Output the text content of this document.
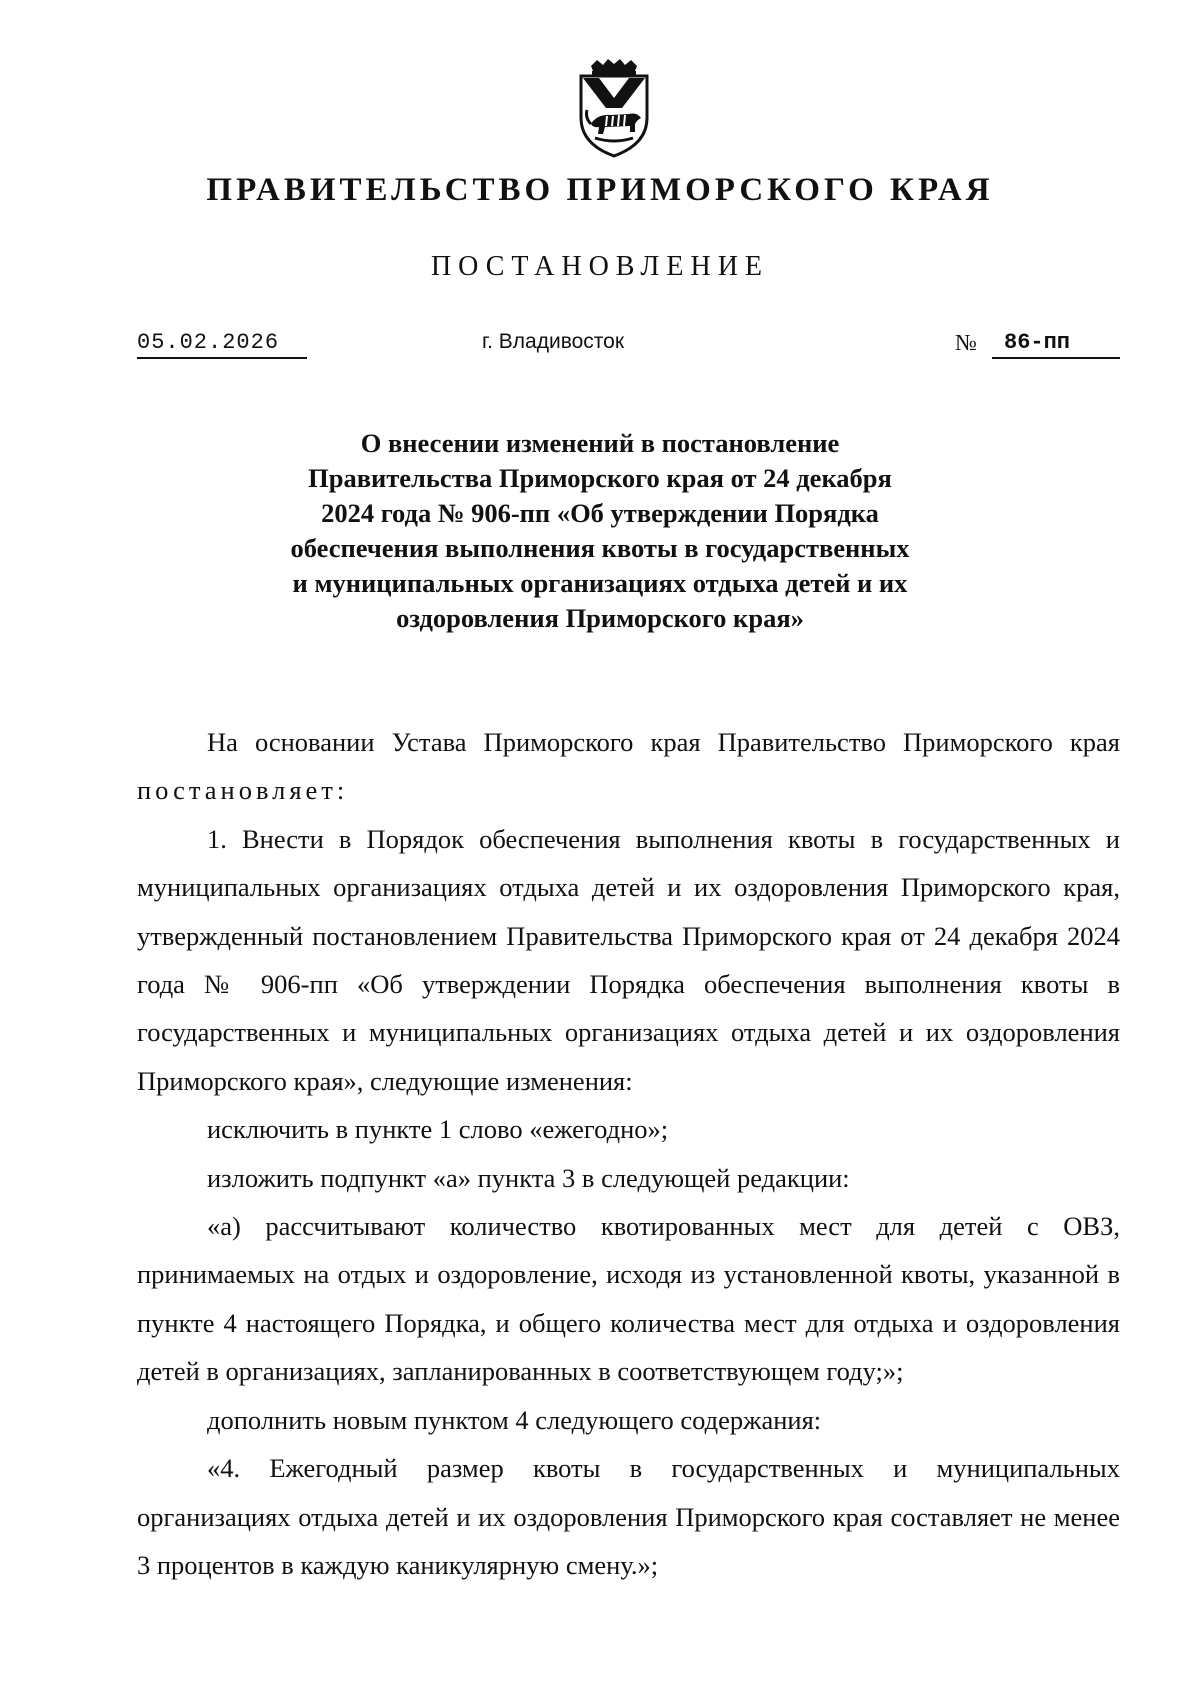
ПРАВИТЕЛЬСТВО ПРИМОРСКОГО КРАЯ
ПОСТАНОВЛЕНИЕ
05.02.2026	г. Владивосток	№	86-пп
О внесении изменений в постановление Правительства Приморского края от 24 декабря 2024 года № 906-пп «Об утверждении Порядка обеспечения выполнения квоты в государственных и муниципальных организациях отдыха детей и их оздоровления Приморского края»

На основании Устава Приморского края Правительство Приморского края постановляет:

1. Внести в Порядок обеспечения выполнения квоты в государственных и муниципальных организациях отдыха детей и их оздоровления Приморского края, утвержденный постановлением Правительства Приморского края от 24 декабря 2024 года № 906-пп «Об утверждении Порядка обеспечения выполнения квоты в государственных и муниципальных организациях отдыха детей и их оздоровления Приморского края», следующие изменения:

исключить в пункте 1 слово «ежегодно»;

изложить подпункт «а» пункта 3 в следующей редакции:

«а) рассчитывают количество квотированных мест для детей с ОВЗ, принимаемых на отдых и оздоровление, исходя из установленной квоты, указанной в пункте 4 настоящего Порядка, и общего количества мест для отдыха и оздоровления детей в организациях, запланированных в соответствующем году;»;

дополнить новым пунктом 4 следующего содержания:

«4. Ежегодный размер квоты в государственных и муниципальных организациях отдыха детей и их оздоровления Приморского края составляет не менее 3 процентов в каждую каникулярную смену.»;
